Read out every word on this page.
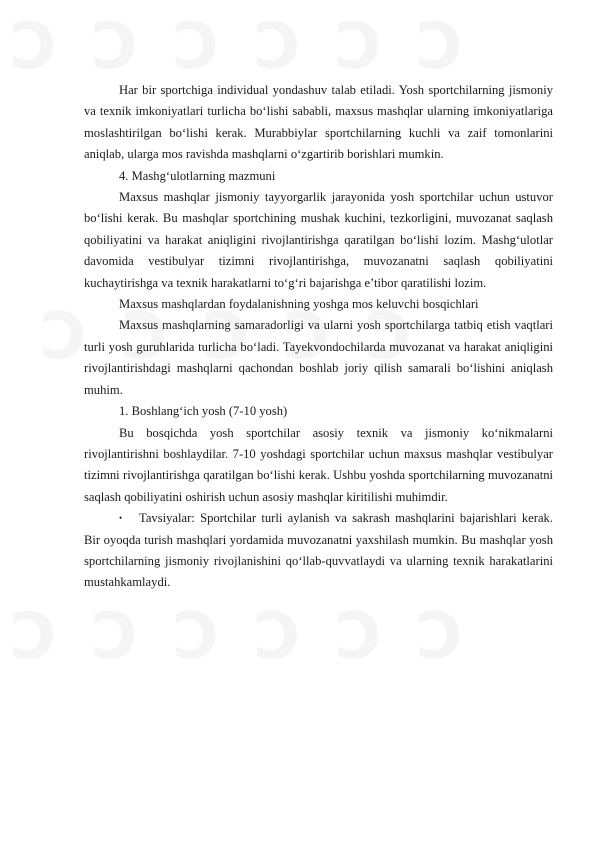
Har bir sportchiga individual yondashuv talab etiladi. Yosh sportchilarning jismoniy va texnik imkoniyatlari turlicha bo‘lishi sababli, maxsus mashqlar ularning imkoniyatlariga moslashtirilgan bo‘lishi kerak. Murabbiylar sportchilarning kuchli va zaif tomonlarini aniqlab, ularga mos ravishda mashqlarni o‘zgartirib borishlari mumkin.

4. Mashg‘ulotlarning mazmuni

Maxsus mashqlar jismoniy tayyorgarlik jarayonida yosh sportchilar uchun ustuvor bo‘lishi kerak. Bu mashqlar sportchining mushak kuchini, tezkorligini, muvozanat saqlash qobiliyatini va harakat aniqligini rivojlantirishga qaratilgan bo‘lishi lozim. Mashg‘ulotlar davomida vestibulyar tizimni rivojlantirishga, muvozanatni saqlash qobiliyatini kuchaytirishga va texnik harakatlarni to‘g‘ri bajarishga e’tibor qaratilishi lozim.

Maxsus mashqlardan foydalanishning yoshga mos keluvchi bosqichlari

Maxsus mashqlarning samaradorligi va ularni yosh sportchilarga tatbiq etish vaqtlari turli yosh guruhlarida turlicha bo‘ladi. Tayekvondochilarda muvozanat va harakat aniqligini rivojlantirishdagi mashqlarni qachondan boshlab joriy qilish samarali bo‘lishini aniqlash muhim.

1. Boshlang‘ich yosh (7-10 yosh)

Bu bosqichda yosh sportchilar asosiy texnik va jismoniy ko‘nikmalarni rivojlantirishni boshlaydilar. 7-10 yoshdagi sportchilar uchun maxsus mashqlar vestibulyar tizimni rivojlantirishga qaratilgan bo‘lishi kerak. Ushbu yoshda sportchilarning muvozanatni saqlash qobiliyatini oshirish uchun asosiy mashqlar kiritilishi muhimdir.

• Tavsiyalar: Sportchilar turli aylanish va sakrash mashqlarini bajarishlari kerak. Bir oyoqda turish mashqlari yordamida muvozanatni yaxshilash mumkin. Bu mashqlar yosh sportchilarning jismoniy rivojlanishini qo‘llab-quvvatlaydi va ularning texnik harakatlarini mustahkamlaydi.
